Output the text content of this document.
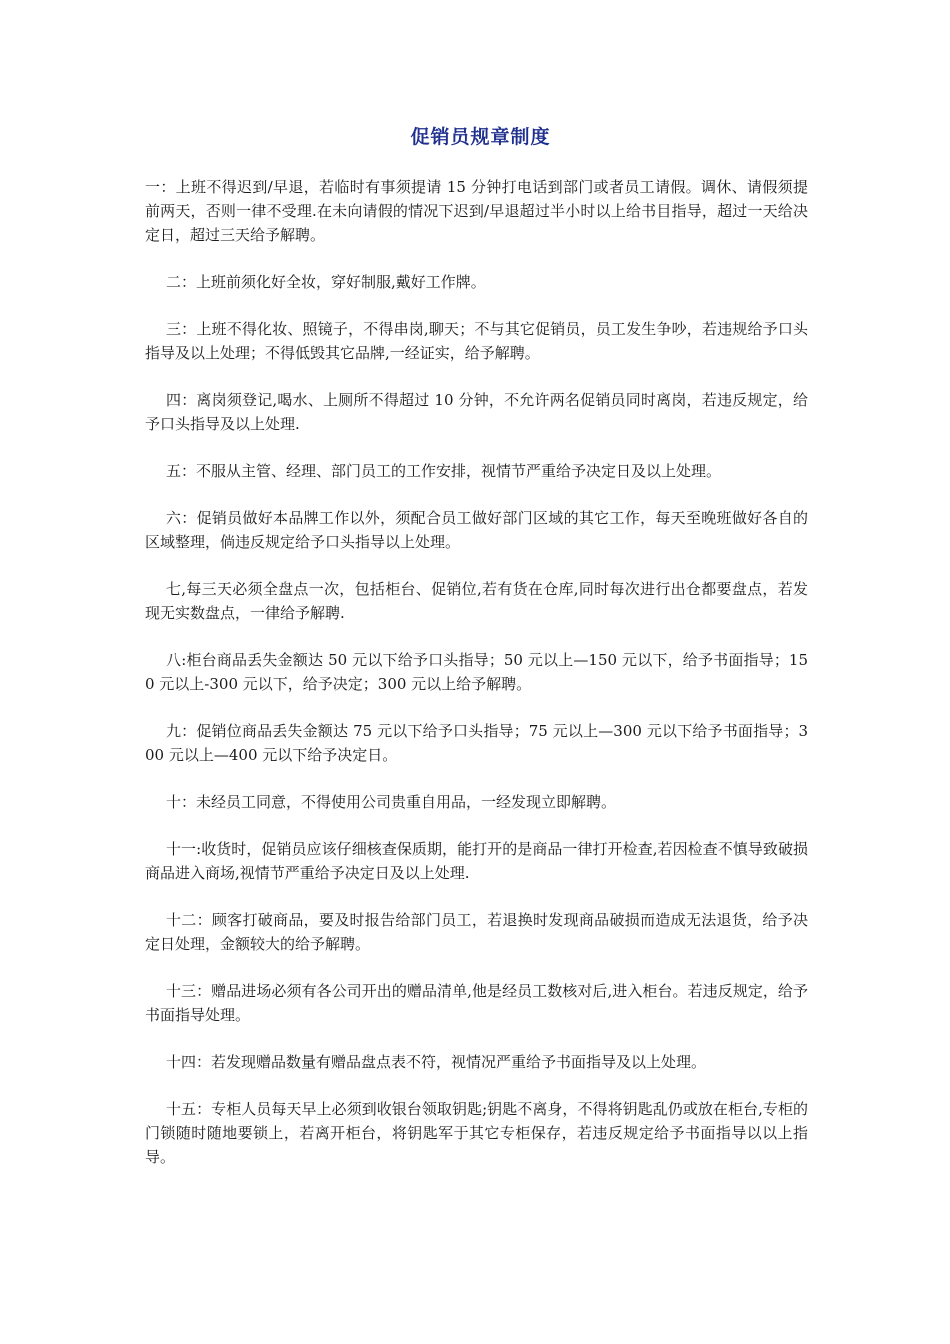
促销员规章制度
一：上班不得迟到/早退，若临时有事须提请 15 分钟打电话到部门或者员工请假。调休、请假须提前两天，否则一律不受理.在未向请假的情况下迟到/早退超过半小时以上给书目指导，超过一天给决定日，超过三天给予解聘。
二：上班前须化好全妆，穿好制服,戴好工作牌。
三：上班不得化妆、照镜子，不得串岗,聊天；不与其它促销员，员工发生争吵，若违规给予口头指导及以上处理；不得低毁其它品牌,一经证实，给予解聘。
四：离岗须登记,喝水、上厕所不得超过 10 分钟，不允许两名促销员同时离岗，若违反规定，给予口头指导及以上处理.
五：不服从主管、经理、部门员工的工作安排，视情节严重给予决定日及以上处理。
六：促销员做好本品牌工作以外，须配合员工做好部门区域的其它工作，每天至晚班做好各自的区域整理，倘违反规定给予口头指导以上处理。
七,每三天必须全盘点一次，包括柜台、促销位,若有货在仓库,同时每次进行出仓都要盘点，若发现无实数盘点，一律给予解聘.
八:柜台商品丢失金额达 50 元以下给予口头指导；50 元以上—150 元以下，给予书面指导；150 元以上-300 元以下，给予决定；300 元以上给予解聘。
九：促销位商品丢失金额达 75 元以下给予口头指导；75 元以上—300 元以下给予书面指导；300 元以上—400 元以下给予决定日。
十：未经员工同意，不得使用公司贵重自用品，一经发现立即解聘。
十一:收货时，促销员应该仔细核查保质期，能打开的是商品一律打开检查,若因检查不慎导致破损商品进入商场,视情节严重给予决定日及以上处理.
十二：顾客打破商品，要及时报告给部门员工，若退换时发现商品破损而造成无法退货，给予决定日处理，金额较大的给予解聘。
十三：赠品进场必须有各公司开出的赠品清单,他是经员工数核对后,进入柜台。若违反规定，给予书面指导处理。
十四：若发现赠品数量有赠品盘点表不符，视情况严重给予书面指导及以上处理。
十五：专柜人员每天早上必须到收银台领取钥匙;钥匙不离身，不得将钥匙乱仍或放在柜台,专柜的门锁随时随地要锁上，若离开柜台，将钥匙军于其它专柜保存，若违反规定给予书面指导以以上指导。
